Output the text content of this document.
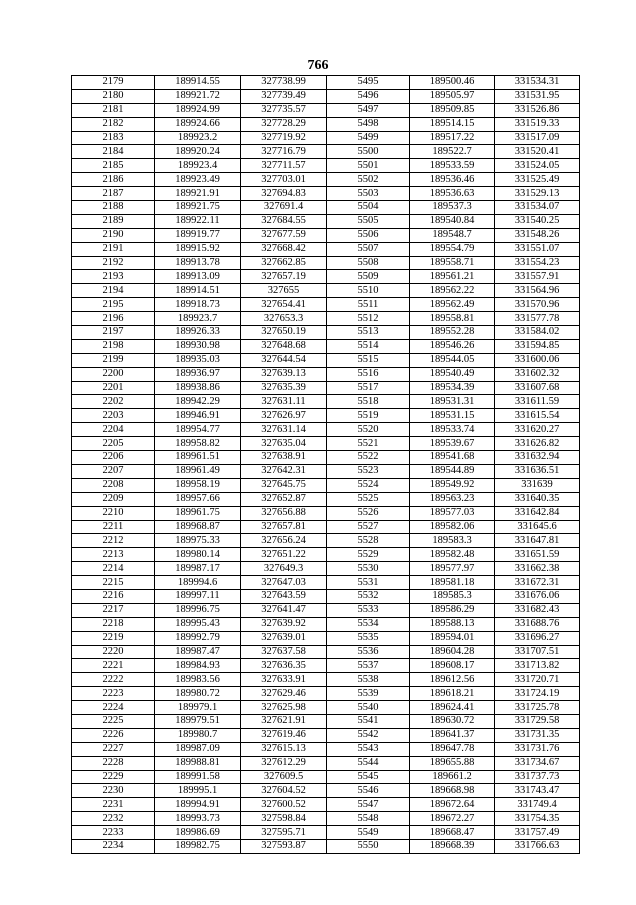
766
2179	189914.55	327738.99	5495	189500.46	331534.31
2180	189921.72	327739.49	5496	189505.97	331531.95
2181	189924.99	327735.57	5497	189509.85	331526.86
2182	189924.66	327728.29	5498	189514.15	331519.33
2183	189923.2	327719.92	5499	189517.22	331517.09
2184	189920.24	327716.79	5500	189522.7	331520.41
2185	189923.4	327711.57	5501	189533.59	331524.05
2186	189923.49	327703.01	5502	189536.46	331525.49
2187	189921.91	327694.83	5503	189536.63	331529.13
2188	189921.75	327691.4	5504	189537.3	331534.07
2189	189922.11	327684.55	5505	189540.84	331540.25
2190	189919.77	327677.59	5506	189548.7	331548.26
2191	189915.92	327668.42	5507	189554.79	331551.07
2192	189913.78	327662.85	5508	189558.71	331554.23
2193	189913.09	327657.19	5509	189561.21	331557.91
2194	189914.51	327655	5510	189562.22	331564.96
2195	189918.73	327654.41	5511	189562.49	331570.96
2196	189923.7	327653.3	5512	189558.81	331577.78
2197	189926.33	327650.19	5513	189552.28	331584.02
2198	189930.98	327648.68	5514	189546.26	331594.85
2199	189935.03	327644.54	5515	189544.05	331600.06
2200	189936.97	327639.13	5516	189540.49	331602.32
2201	189938.86	327635.39	5517	189534.39	331607.68
2202	189942.29	327631.11	5518	189531.31	331611.59
2203	189946.91	327626.97	5519	189531.15	331615.54
2204	189954.77	327631.14	5520	189533.74	331620.27
2205	189958.82	327635.04	5521	189539.67	331626.82
2206	189961.51	327638.91	5522	189541.68	331632.94
2207	189961.49	327642.31	5523	189544.89	331636.51
2208	189958.19	327645.75	5524	189549.92	331639
2209	189957.66	327652.87	5525	189563.23	331640.35
2210	189961.75	327656.88	5526	189577.03	331642.84
2211	189968.87	327657.81	5527	189582.06	331645.6
2212	189975.33	327656.24	5528	189583.3	331647.81
2213	189980.14	327651.22	5529	189582.48	331651.59
2214	189987.17	327649.3	5530	189577.97	331662.38
2215	189994.6	327647.03	5531	189581.18	331672.31
2216	189997.11	327643.59	5532	189585.3	331676.06
2217	189996.75	327641.47	5533	189586.29	331682.43
2218	189995.43	327639.92	5534	189588.13	331688.76
2219	189992.79	327639.01	5535	189594.01	331696.27
2220	189987.47	327637.58	5536	189604.28	331707.51
2221	189984.93	327636.35	5537	189608.17	331713.82
2222	189983.56	327633.91	5538	189612.56	331720.71
2223	189980.72	327629.46	5539	189618.21	331724.19
2224	189979.1	327625.98	5540	189624.41	331725.78
2225	189979.51	327621.91	5541	189630.72	331729.58
2226	189980.7	327619.46	5542	189641.37	331731.35
2227	189987.09	327615.13	5543	189647.78	331731.76
2228	189988.81	327612.29	5544	189655.88	331734.67
2229	189991.58	327609.5	5545	189661.2	331737.73
2230	189995.1	327604.52	5546	189668.98	331743.47
2231	189994.91	327600.52	5547	189672.64	331749.4
2232	189993.73	327598.84	5548	189672.27	331754.35
2233	189986.69	327595.71	5549	189668.47	331757.49
2234	189982.75	327593.87	5550	189668.39	331766.63
